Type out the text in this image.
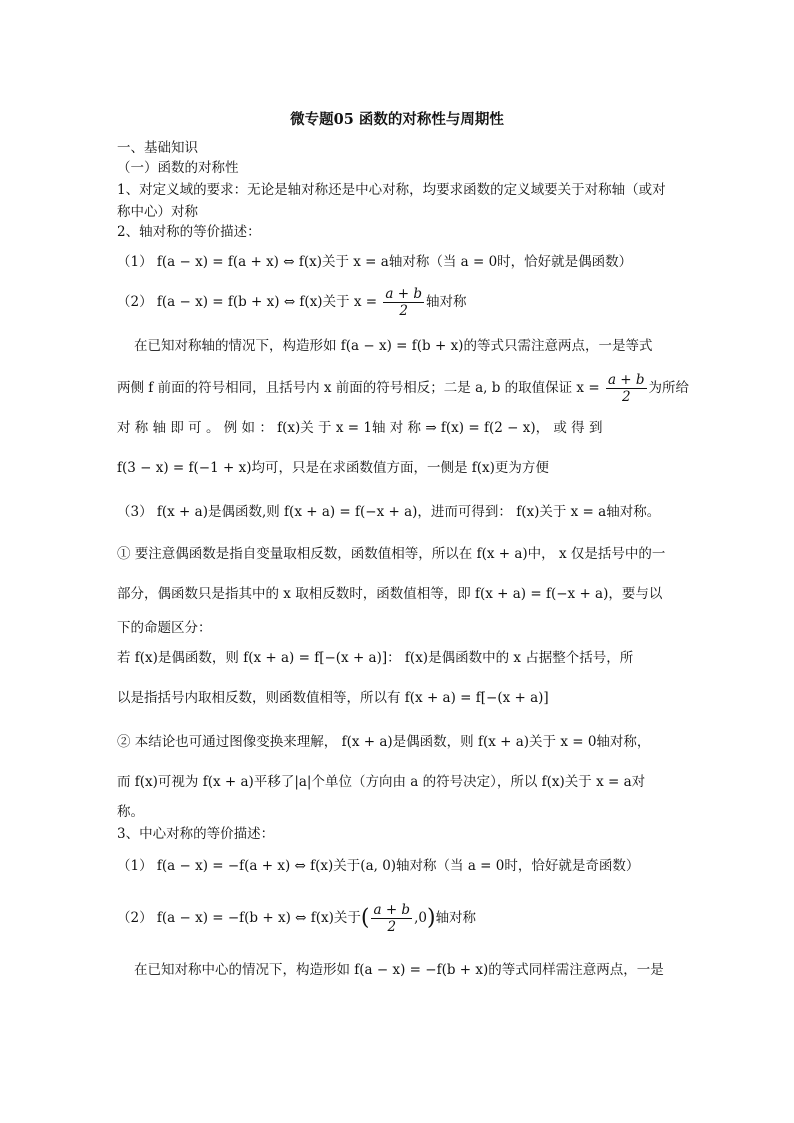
微专题05 函数的对称性与周期性
一、基础知识
（一）函数的对称性
1、对定义域的要求：无论是轴对称还是中心对称，均要求函数的定义域要关于对称轴（或对
称中心）对称
2、轴对称的等价描述：
（1） f(a − x) = f(a + x) ⇔ f(x)关于 x = a轴对称（当 a = 0时，恰好就是偶函数）
（2） f(a − x) = f(b + x) ⇔ f(x)关于 $x = \frac{a + b}{2}$ 轴对称
在已知对称轴的情况下，构造形如 f(a − x) = f(b + x)的等式只需注意两点，一是等式
两侧 f 前面的符号相同，且括号内 x 前面的符号相反；二是 a, b 的取值保证 $x = \frac{a + b}{2}$ 为所给
对 称 轴 即 可 。 例 如 ： f(x)关 于 x = 1轴 对 称 ⇒ f(x) = f(2 − x)， 或 得 到
f(3 − x) = f(−1 + x)均可，只是在求函数值方面，一侧是 f(x)更为方便
（3） f(x + a)是偶函数,则 f(x + a) = f(−x + a)，进而可得到： f(x)关于 x = a轴对称。
① 要注意偶函数是指自变量取相反数，函数值相等，所以在 f(x + a)中， x 仅是括号中的一
部分，偶函数只是指其中的 x 取相反数时，函数值相等，即 f(x + a) = f(−x + a)，要与以
下的命题区分：
若 f(x)是偶函数，则 f(x + a) = f[−(x + a)]： f(x)是偶函数中的 x 占据整个括号，所
以是指括号内取相反数，则函数值相等，所以有 f(x + a) = f[−(x + a)]
② 本结论也可通过图像变换来理解， f(x + a)是偶函数，则 f(x + a)关于 x = 0轴对称，
而 f(x)可视为 f(x + a)平移了|a|个单位（方向由 a 的符号决定），所以 f(x)关于 x = a对
称。
3、中心对称的等价描述：
（1） f(a − x) = −f(a + x) ⇔ f(x)关于(a, 0)轴对称（当 a = 0时，恰好就是奇函数）
（2） f(a − x) = −f(b + x) ⇔ f(x)关于( $\frac{a + b}{2} ,0$)轴对称
在已知对称中心的情况下，构造形如 f(a − x) = −f(b + x)的等式同样需注意两点，一是
